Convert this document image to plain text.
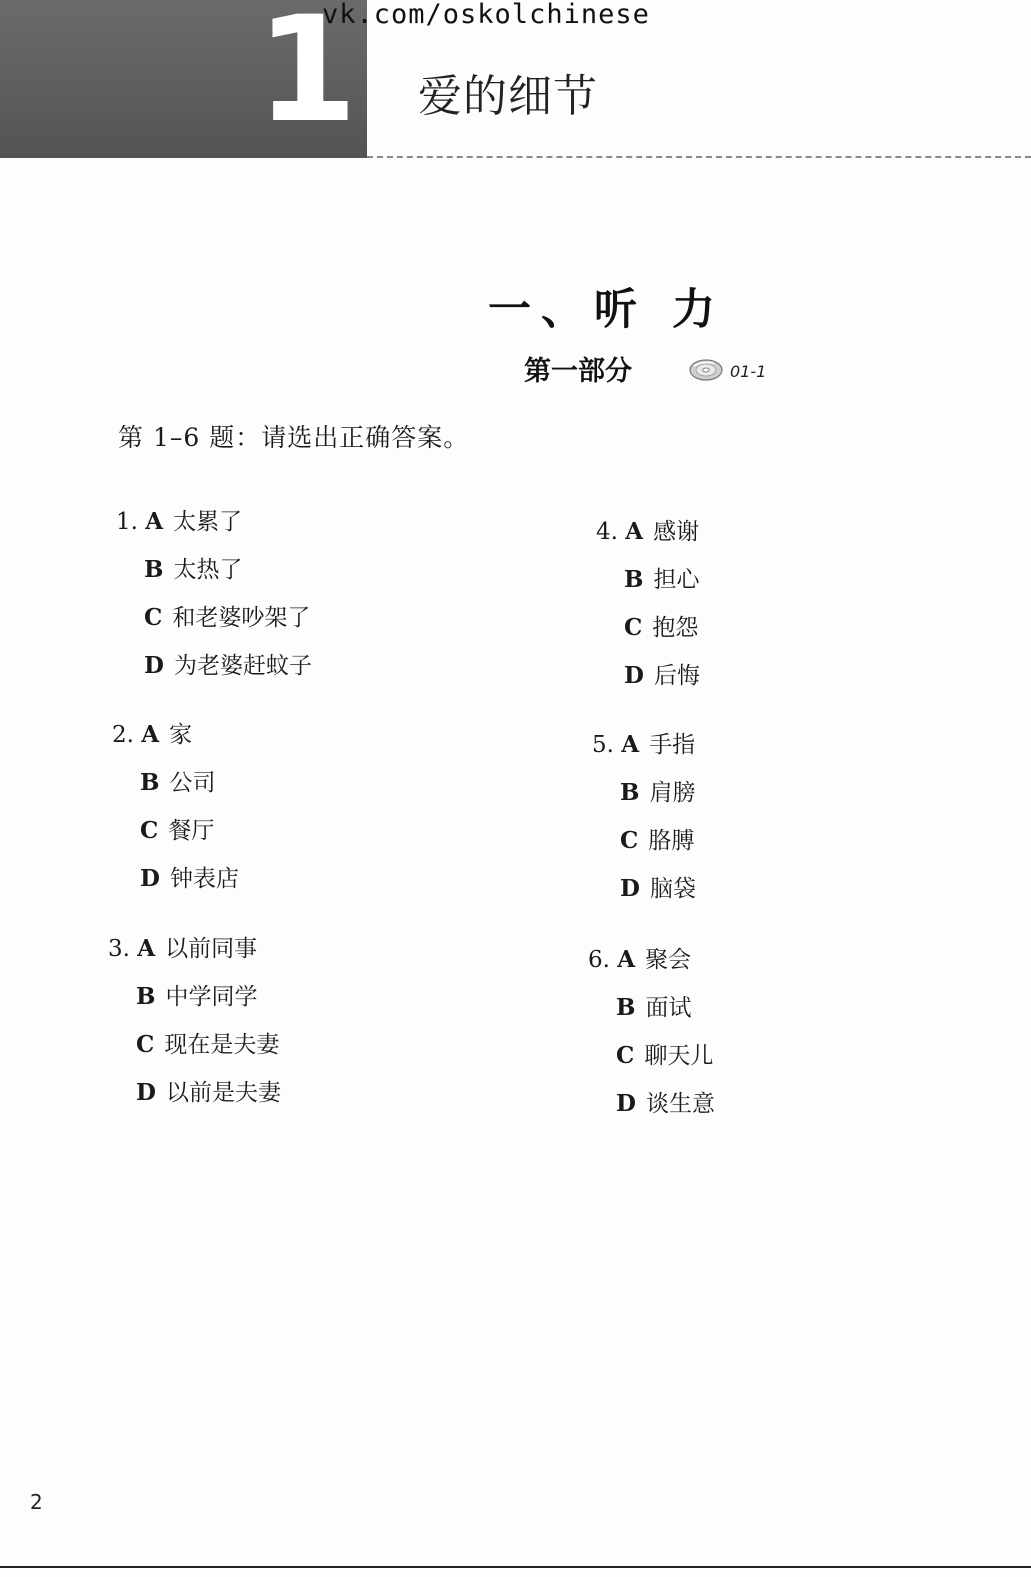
1
vk.com/oskolchinese
爱的细节
一、听 力
第一部分	01-1
第 1–6 题：请选出正确答案。
1. A 太累了
B 太热了
C 和老婆吵架了
D 为老婆赶蚊子
2. A 家
B 公司
C 餐厅
D 钟表店
3. A 以前同事
B 中学同学
C 现在是夫妻
D 以前是夫妻
4. A 感谢
B 担心
C 抱怨
D 后悔
5. A 手指
B 肩膀
C 胳膊
D 脑袋
6. A 聚会
B 面试
C 聊天儿
D 谈生意
2
